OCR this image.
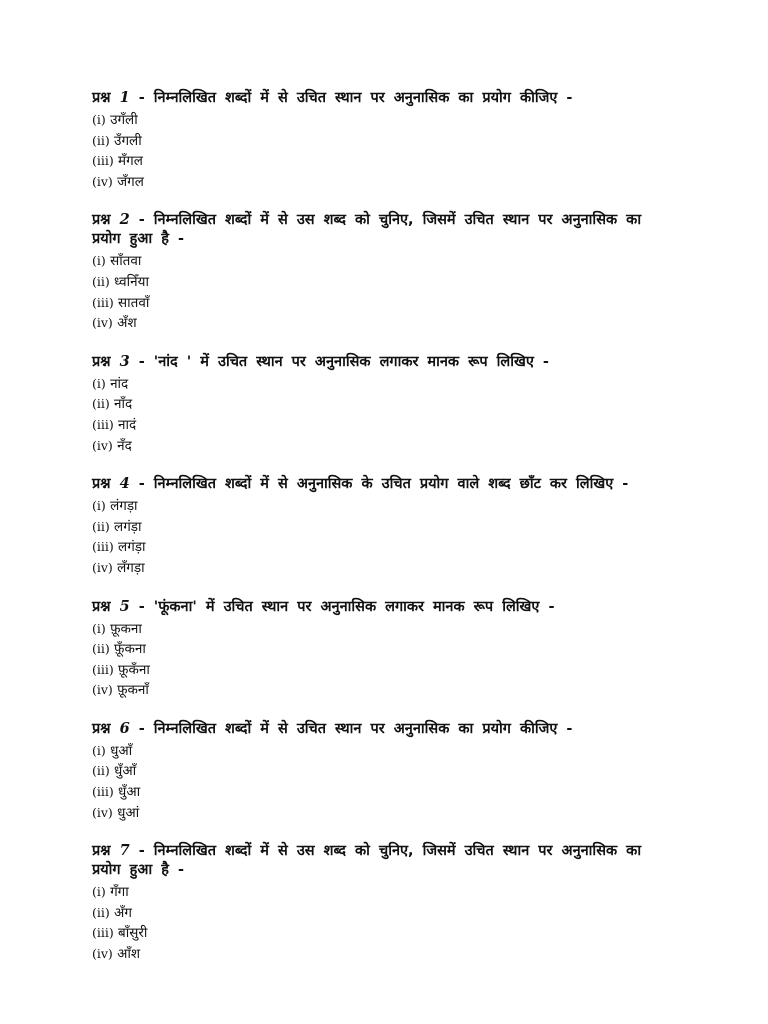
प्रश्न 1 - निम्नलिखित शब्दों में से उचित स्थान पर अनुनासिक का प्रयोग कीजिए -

(i) उगँली
(ii) उँगली
(iii) मँगल
(iv) जँगल

प्रश्न 2 - निम्नलिखित शब्दों में से उस शब्द को चुनिए, जिसमें उचित स्थान पर अनुनासिक का प्रयोग हुआ है -

(i) साँतवा
(ii) ध्वनिँया
(iii) सातवाँ
(iv) अँश

प्रश्न 3 - 'नांद ' में उचित स्थान पर अनुनासिक लगाकर मानक रूप लिखिए -

(i) नांद
(ii) नाँद
(iii) नादं
(iv) नँद

प्रश्न 4 - निम्नलिखित शब्दों में से अनुनासिक के उचित प्रयोग वाले शब्द छाँट कर लिखिए -

(i) लंगड़ा
(ii) लगंड़ा
(iii) लगंड़ा
(iv) लँगड़ा

प्रश्न 5 - 'फूंकना' में उचित स्थान पर अनुनासिक लगाकर मानक रूप लिखिए -

(i) फ़ूकना
(ii) फ़ूँकना
(iii) फ़ूकँना
(iv) फ़ूकनाँ

प्रश्न 6 - निम्नलिखित शब्दों में से उचित स्थान पर अनुनासिक का प्रयोग कीजिए -

(i) धुआँ
(ii) धुँआँ
(iii) धुँआ
(iv) धुआं

प्रश्न 7 - निम्नलिखित शब्दों में से उस शब्द को चुनिए, जिसमें उचित स्थान पर अनुनासिक का प्रयोग हुआ है -

(i) गँगा
(ii) अँग
(iii) बाँसुरी
(iv) आँश
